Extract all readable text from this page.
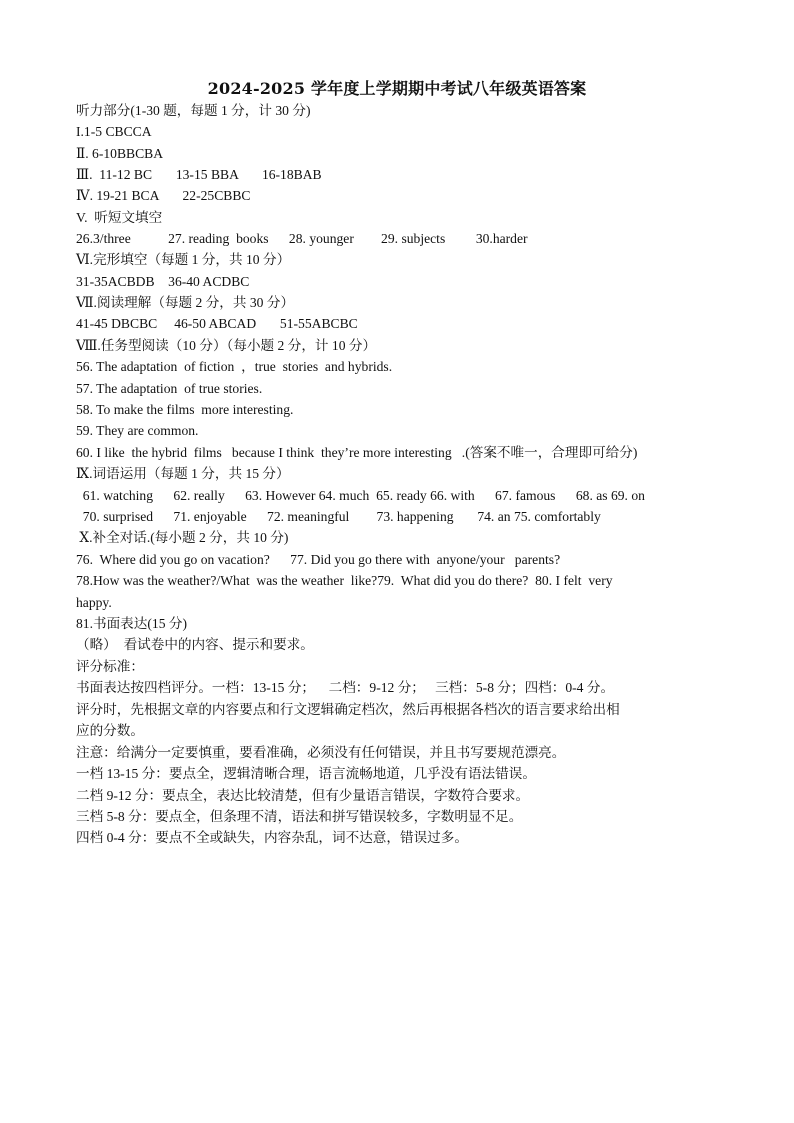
2024-2025 学年度上学期期中考试八年级英语答案
听力部分(1-30 题，每题 1 分，计 30 分)
I.1-5 CBCCA
Ⅱ. 6-10BBCBA
Ⅲ.  11-12 BC       13-15 BBA       16-18BAB
Ⅳ. 19-21 BCA       22-25CBBC
V.  听短文填空
26.3/three           27. reading  books      28. younger        29. subjects         30.harder
Ⅵ.完形填空（每题 1 分，共 10 分）
31-35ACBDB    36-40 ACDBC
Ⅶ.阅读理解（每题 2 分，共 30 分）
41-45 DBCBC     46-50 ABCAD       51-55ABCBC
Ⅷ.任务型阅读（10 分）（每小题 2 分，计 10 分）
56. The adaptation  of fiction  ，true  stories  and hybrids.
57. The adaptation  of true stories.
58. To make the films  more interesting.
59. They are common.
60. I like  the hybrid  films   because I think  they’re more interesting   .(答案不唯一，合理即可给分)
Ⅸ.词语运用（每题 1 分，共 15 分）
61. watching      62. really      63. However 64. much  65. ready 66. with      67. famous      68. as 69. on
70. surprised      71. enjoyable      72. meaningful        73. happening       74. an 75. comfortably
Ⅹ.补全对话.(每小题 2 分，共 10 分)
76.  Where did you go on vacation?      77. Did you go there with  anyone/your   parents?
78.How was the weather?/What  was the weather  like?79.  What did you do there?  80. I felt  very
happy.
81.书面表达(15 分)
（略）  看试卷中的内容、提示和要求。
评分标准：
书面表达按四档评分。一档：13-15 分；    二档：9-12 分；   三档：5-8 分；四档：0-4 分。
评分时，先根据文章的内容要点和行文逻辑确定档次，然后再根据各档次的语言要求给出相
应的分数。
注意：给满分一定要慎重，要看准确，必须没有任何错误，并且书写要规范漂亮。
一档 13-15 分：要点全，逻辑清晰合理，语言流畅地道，几乎没有语法错误。
二档 9-12 分：要点全，表达比较清楚，但有少量语言错误，字数符合要求。
三档 5-8 分：要点全，但条理不清，语法和拼写错误较多，字数明显不足。
四档 0-4 分：要点不全或缺失，内容杂乱，词不达意，错误过多。
